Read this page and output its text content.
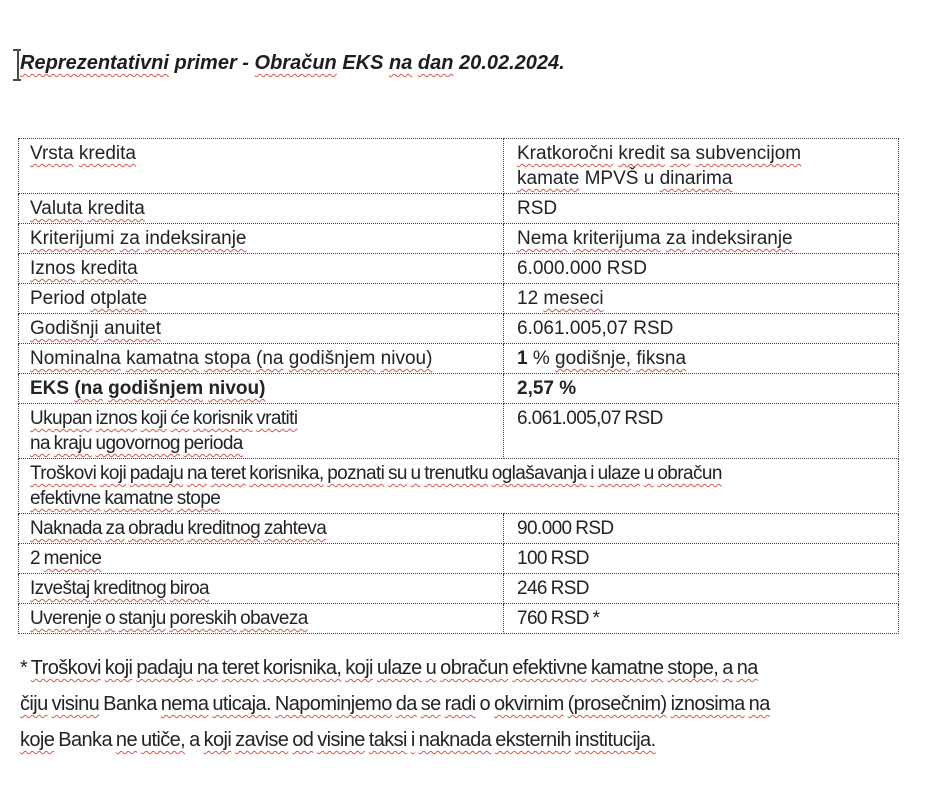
Reprezentativni primer - Obračun EKS na dan 20.02.2024.
Vrsta kredita	Kratkoročni kredit sa subvencijom
kamate MPVŠ u dinarima
Valuta kredita	RSD
Kriterijumi za indeksiranje	Nema kriterijuma za indeksiranje
Iznos kredita	6.000.000 RSD
Period otplate	12 meseci
Godišnji anuitet	6.061.005,07 RSD
Nominalna kamatna stopa (na godišnjem nivou)	1 % godišnje, fiksna
EKS (na godišnjem nivou)	2,57 %
Ukupan iznos koji će korisnik vratiti
na kraju ugovornog perioda	6.061.005,07 RSD
Troškovi koji padaju na teret korisnika, poznati su u trenutku oglašavanja i ulaze u obračun
efektivne kamatne stope	
Naknada za obradu kreditnog zahteva	90.000 RSD
2 menice	100 RSD
Izveštaj kreditnog biroa	246 RSD
Uverenje o stanju poreskih obaveza	760 RSD *

* Troškovi koji padaju na teret korisnika, koji ulaze u obračun efektivne kamatne stope, a na
čiju visinu Banka nema uticaja. Napominjemo da se radi o okvirnim (prosečnim) iznosima na
koje Banka ne utiče, a koji zavise od visine taksi i naknada eksternih institucija.
